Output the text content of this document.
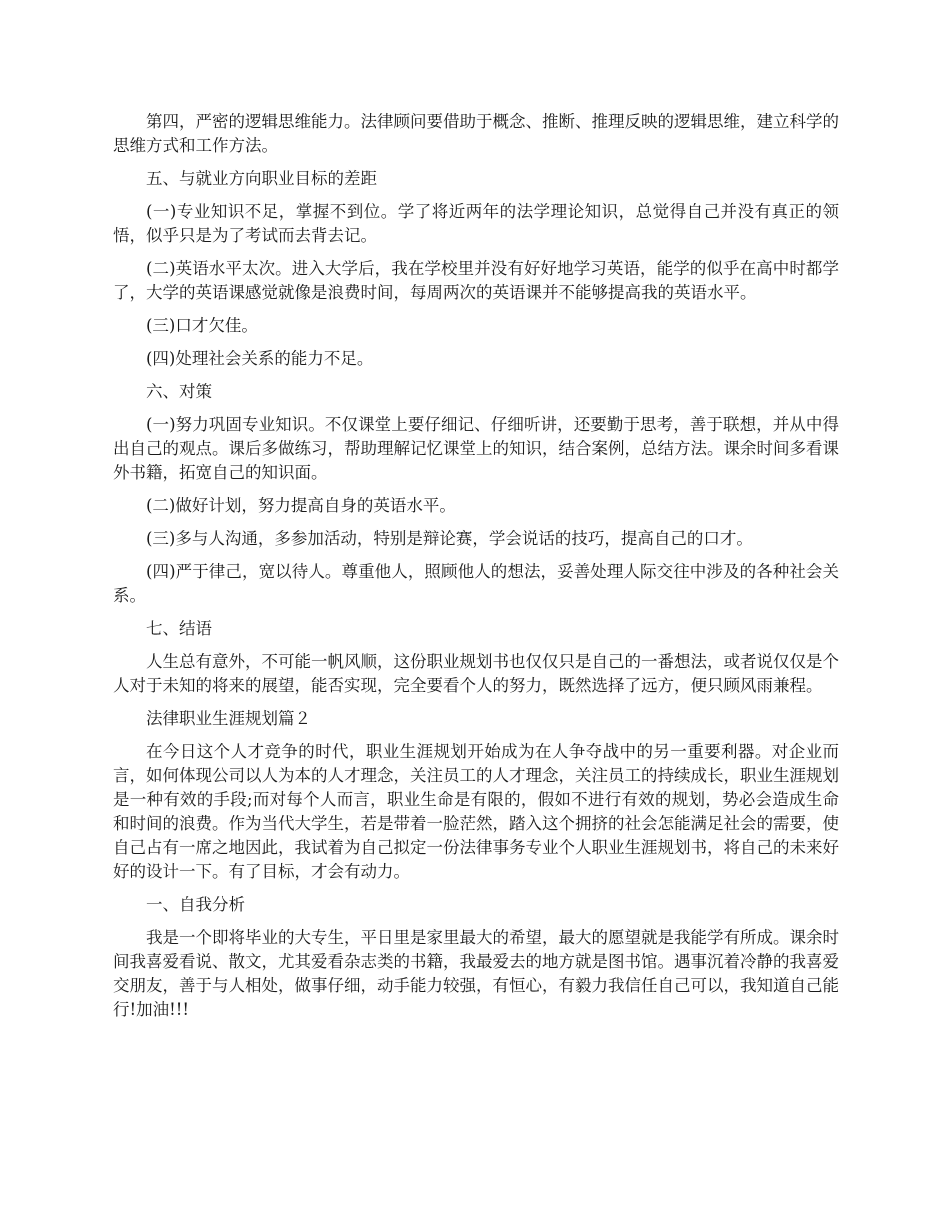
第四，严密的逻辑思维能力。法律顾问要借助于概念、推断、推理反映的逻辑思维，建立科学的思维方式和工作方法。

五、与就业方向职业目标的差距

(一)专业知识不足，掌握不到位。学了将近两年的法学理论知识，总觉得自己并没有真正的领悟，似乎只是为了考试而去背去记。

(二)英语水平太次。进入大学后，我在学校里并没有好好地学习英语，能学的似乎在高中时都学了，大学的英语课感觉就像是浪费时间，每周两次的英语课并不能够提高我的英语水平。

(三)口才欠佳。

(四)处理社会关系的能力不足。

六、对策

(一)努力巩固专业知识。不仅课堂上要仔细记、仔细听讲，还要勤于思考，善于联想，并从中得出自己的观点。课后多做练习，帮助理解记忆课堂上的知识，结合案例，总结方法。课余时间多看课外书籍，拓宽自己的知识面。

(二)做好计划，努力提高自身的英语水平。

(三)多与人沟通，多参加活动，特别是辩论赛，学会说话的技巧，提高自己的口才。

(四)严于律己，宽以待人。尊重他人，照顾他人的想法，妥善处理人际交往中涉及的各种社会关系。

七、结语

人生总有意外，不可能一帆风顺，这份职业规划书也仅仅只是自己的一番想法，或者说仅仅是个人对于未知的将来的展望，能否实现，完全要看个人的努力，既然选择了远方，便只顾风雨兼程。

法律职业生涯规划篇２

在今日这个人才竞争的时代，职业生涯规划开始成为在人争夺战中的另一重要利器。对企业而言，如何体现公司以人为本的人才理念，关注员工的人才理念，关注员工的持续成长，职业生涯规划是一种有效的手段;而对每个人而言，职业生命是有限的，假如不进行有效的规划，势必会造成生命和时间的浪费。作为当代大学生，若是带着一脸茫然，踏入这个拥挤的社会怎能满足社会的需要，使自己占有一席之地因此，我试着为自己拟定一份法律事务专业个人职业生涯规划书，将自己的未来好好的设计一下。有了目标，才会有动力。

一、自我分析

我是一个即将毕业的大专生，平日里是家里最大的希望，最大的愿望就是我能学有所成。课余时间我喜爱看说、散文，尤其爱看杂志类的书籍，我最爱去的地方就是图书馆。遇事沉着冷静的我喜爱交朋友，善于与人相处，做事仔细，动手能力较强，有恒心，有毅力我信任自己可以，我知道自己能行!加油!!!
